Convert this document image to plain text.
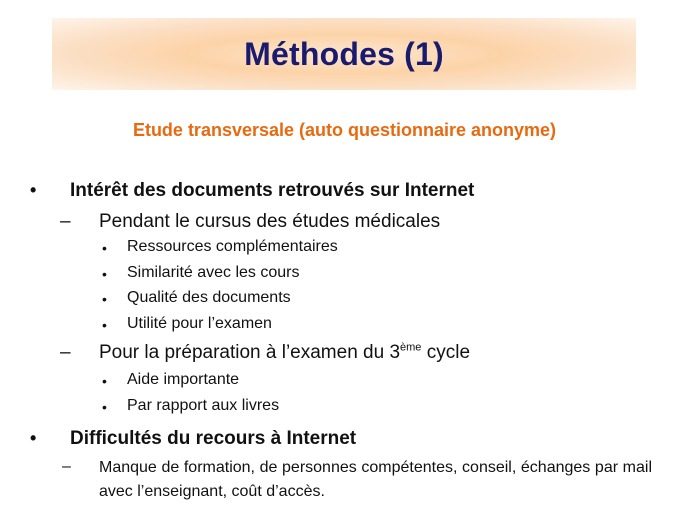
Méthodes (1)
Etude transversale (auto questionnaire anonyme)
• Intérêt des documents retrouvés sur Internet
– Pendant le cursus des études médicales
• Ressources complémentaires
• Similarité avec les cours
• Qualité des documents
• Utilité pour l’examen
– Pour la préparation à l’examen du 3ème cycle
• Aide importante
• Par rapport aux livres
• Difficultés du recours à Internet
– Manque de formation, de personnes compétentes, conseil, échanges par mail avec l’enseignant, coût d’accès.
